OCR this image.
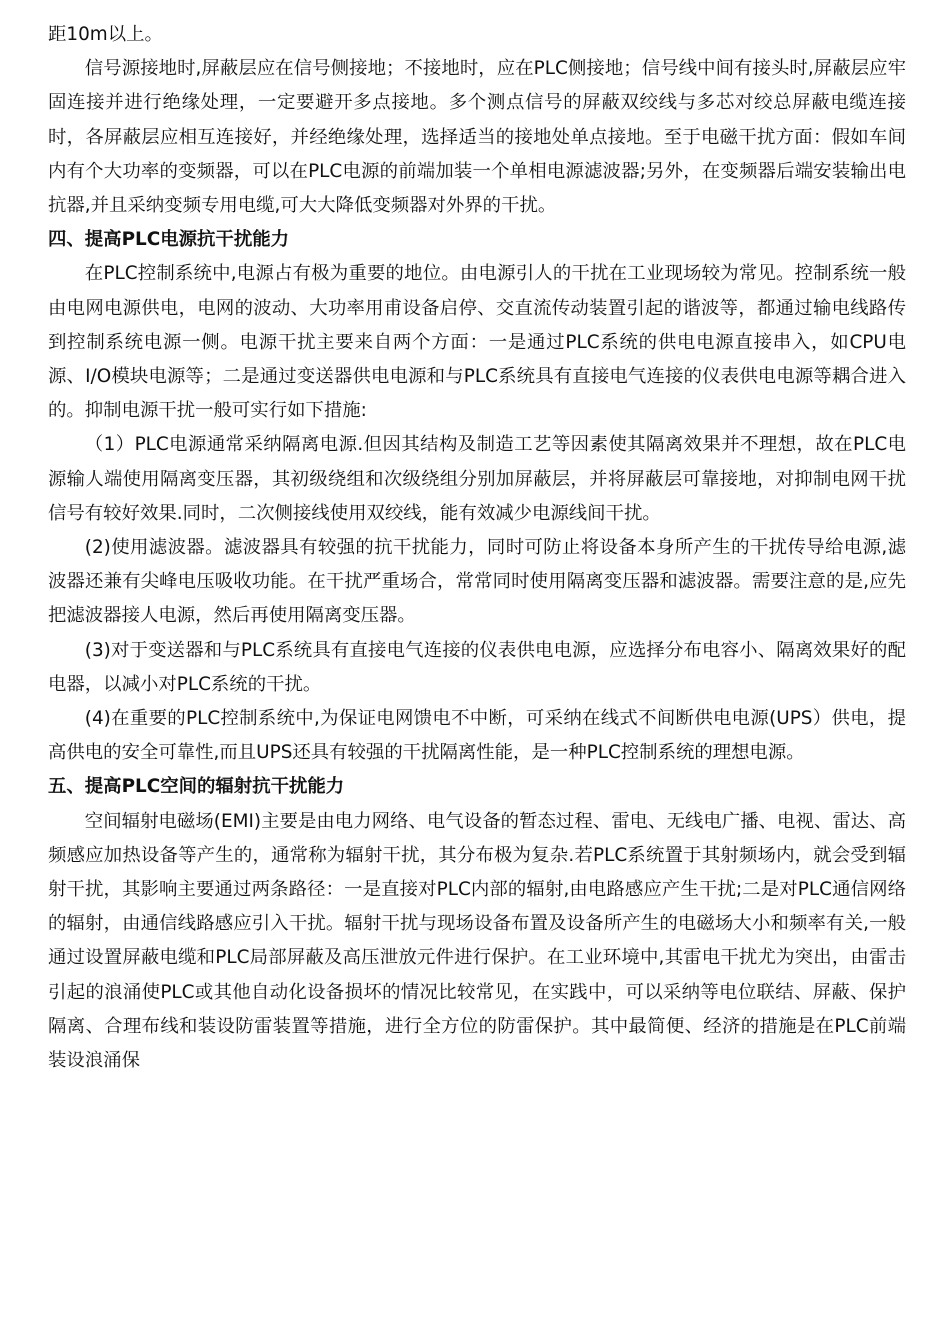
距10m以上。

信号源接地时,屏蔽层应在信号侧接地；不接地时，应在PLC侧接地；信号线中间有接头时,屏蔽层应牢固连接并进行绝缘处理，一定要避开多点接地。多个测点信号的屏蔽双绞线与多芯对绞总屏蔽电缆连接时，各屏蔽层应相互连接好，并经绝缘处理，选择适当的接地处单点接地。至于电磁干扰方面：假如车间内有个大功率的变频器，可以在PLC电源的前端加装一个单相电源滤波器;另外，在变频器后端安装输出电抗器,并且采纳变频专用电缆,可大大降低变频器对外界的干扰。

四、提高PLC电源抗干扰能力

在PLC控制系统中,电源占有极为重要的地位。由电源引人的干扰在工业现场较为常见。控制系统一般由电网电源供电，电网的波动、大功率用甫设备启停、交直流传动装置引起的谐波等，都通过输电线路传到控制系统电源一侧。电源干扰主要来自两个方面：一是通过PLC系统的供电电源直接串入，如CPU电源、I/O模块电源等；二是通过变送器供电电源和与PLC系统具有直接电气连接的仪表供电电源等耦合进入的。抑制电源干扰一般可实行如下措施:

（1）PLC电源通常采纳隔离电源.但因其结构及制造工艺等因素使其隔离效果并不理想，故在PLC电源输人端使用隔离变压器，其初级绕组和次级绕组分别加屏蔽层，并将屏蔽层可靠接地，对抑制电网干扰信号有较好效果.同时，二次侧接线使用双绞线，能有效减少电源线间干扰。

(2)使用滤波器。滤波器具有较强的抗干扰能力，同时可防止将设备本身所产生的干扰传导给电源,滤波器还兼有尖峰电压吸收功能。在干扰严重场合，常常同时使用隔离变压器和滤波器。需要注意的是,应先把滤波器接人电源，然后再使用隔离变压器。

(3)对于变送器和与PLC系统具有直接电气连接的仪表供电电源，应选择分布电容小、隔离效果好的配电器，以减小对PLC系统的干扰。

(4)在重要的PLC控制系统中,为保证电网馈电不中断，可采纳在线式不间断供电电源(UPS）供电，提高供电的安全可靠性,而且UPS还具有较强的干扰隔离性能，是一种PLC控制系统的理想电源。

五、提高PLC空间的辐射抗干扰能力

空间辐射电磁场(EMI)主要是由电力网络、电气设备的暂态过程、雷电、无线电广播、电视、雷达、高频感应加热设备等产生的，通常称为辐射干扰，其分布极为复杂.若PLC系统置于其射频场内，就会受到辐射干扰，其影响主要通过两条路径：一是直接对PLC内部的辐射,由电路感应产生干扰;二是对PLC通信网络的辐射，由通信线路感应引入干扰。辐射干扰与现场设备布置及设备所产生的电磁场大小和频率有关,一般通过设置屏蔽电缆和PLC局部屏蔽及高压泄放元件进行保护。在工业环境中,其雷电干扰尤为突出，由雷击引起的浪涌使PLC或其他自动化设备损坏的情况比较常见，在实践中，可以采纳等电位联结、屏蔽、保护隔离、合理布线和装设防雷装置等措施，进行全方位的防雷保护。其中最简便、经济的措施是在PLC前端装设浪涌保
